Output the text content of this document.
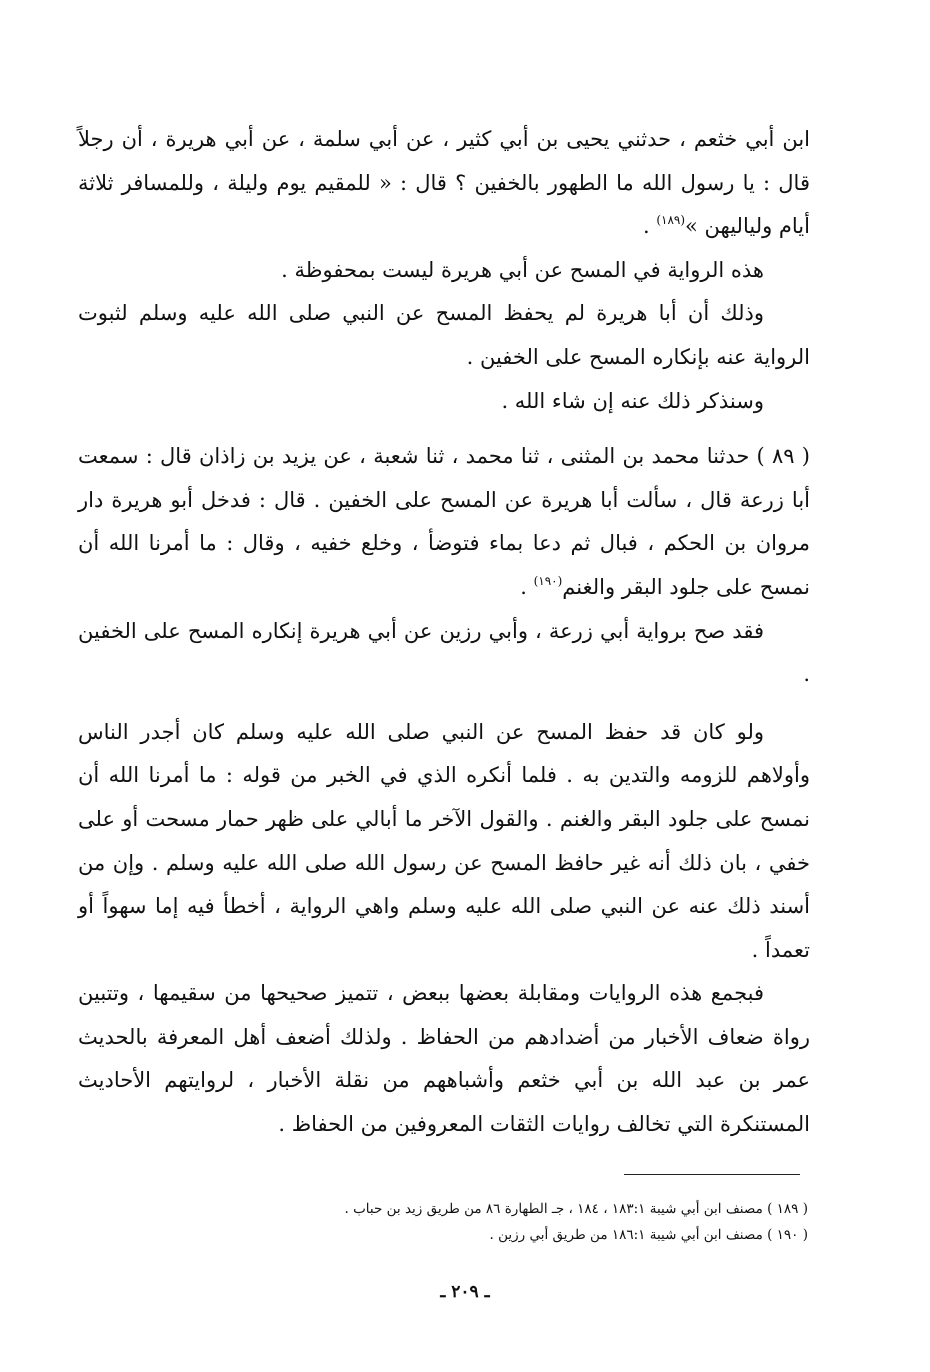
ابن أبي خثعم ، حدثني يحيى بن أبي كثير ، عن أبي سلمة ، عن أبي هريرة ، أن رجلاً قال : يا رسول الله ما الطهور بالخفين ؟ قال : « للمقيم يوم وليلة ، وللمسافر ثلاثة أيام ولياليهن »$^{(١٨٩)}$ .

هذه الرواية في المسح عن أبي هريرة ليست بمحفوظة .

وذلك أن أبا هريرة لم يحفظ المسح عن النبي صلى الله عليه وسلم لثبوت الرواية عنه بإنكاره المسح على الخفين .

وسنذكر ذلك عنه إن شاء الله .

( ٨٩ ) حدثنا محمد بن المثنى ، ثنا محمد ، ثنا شعبة ، عن يزيد بن زاذان قال : سمعت أبا زرعة قال ، سألت أبا هريرة عن المسح على الخفين . قال : فدخل أبو هريرة دار مروان بن الحكم ، فبال ثم دعا بماء فتوضأ ، وخلع خفيه ، وقال : ما أمرنا الله أن نمسح على جلود البقر والغنم$^{(١٩٠)}$ .

فقد صح برواية أبي زرعة ، وأبي رزين عن أبي هريرة إنكاره المسح على الخفين .

ولو كان قد حفظ المسح عن النبي صلى الله عليه وسلم كان أجدر الناس وأولاهم للزومه والتدين به . فلما أنكره الذي في الخبر من قوله : ما أمرنا الله أن نمسح على جلود البقر والغنم . والقول الآخر ما أبالي على ظهر حمار مسحت أو على خفي ، بان ذلك أنه غير حافظ المسح عن رسول الله صلى الله عليه وسلم . وإن من أسند ذلك عنه عن النبي صلى الله عليه وسلم واهي الرواية ، أخطأ فيه إما سهواً أو تعمداً .

فبجمع هذه الروايات ومقابلة بعضها ببعض ، تتميز صحيحها من سقيمها ، وتتبين رواة ضعاف الأخبار من أضدادهم من الحفاظ . ولذلك أضعف أهل المعرفة بالحديث عمر بن عبد الله بن أبي خثعم وأشباههم من نقلة الأخبار ، لروايتهم الأحاديث المستنكرة التي تخالف روايات الثقات المعروفين من الحفاظ .

( ١٨٩ ) مصنف ابن أبي شيبة ١٨٣:١ ، ١٨٤ ، جـ الطهارة ٨٦ من طريق زيد بن حباب .

( ١٩٠ ) مصنف ابن أبي شيبة ١٨٦:١ من طريق أبي رزين .

ـ ٢٠٩ ـ
